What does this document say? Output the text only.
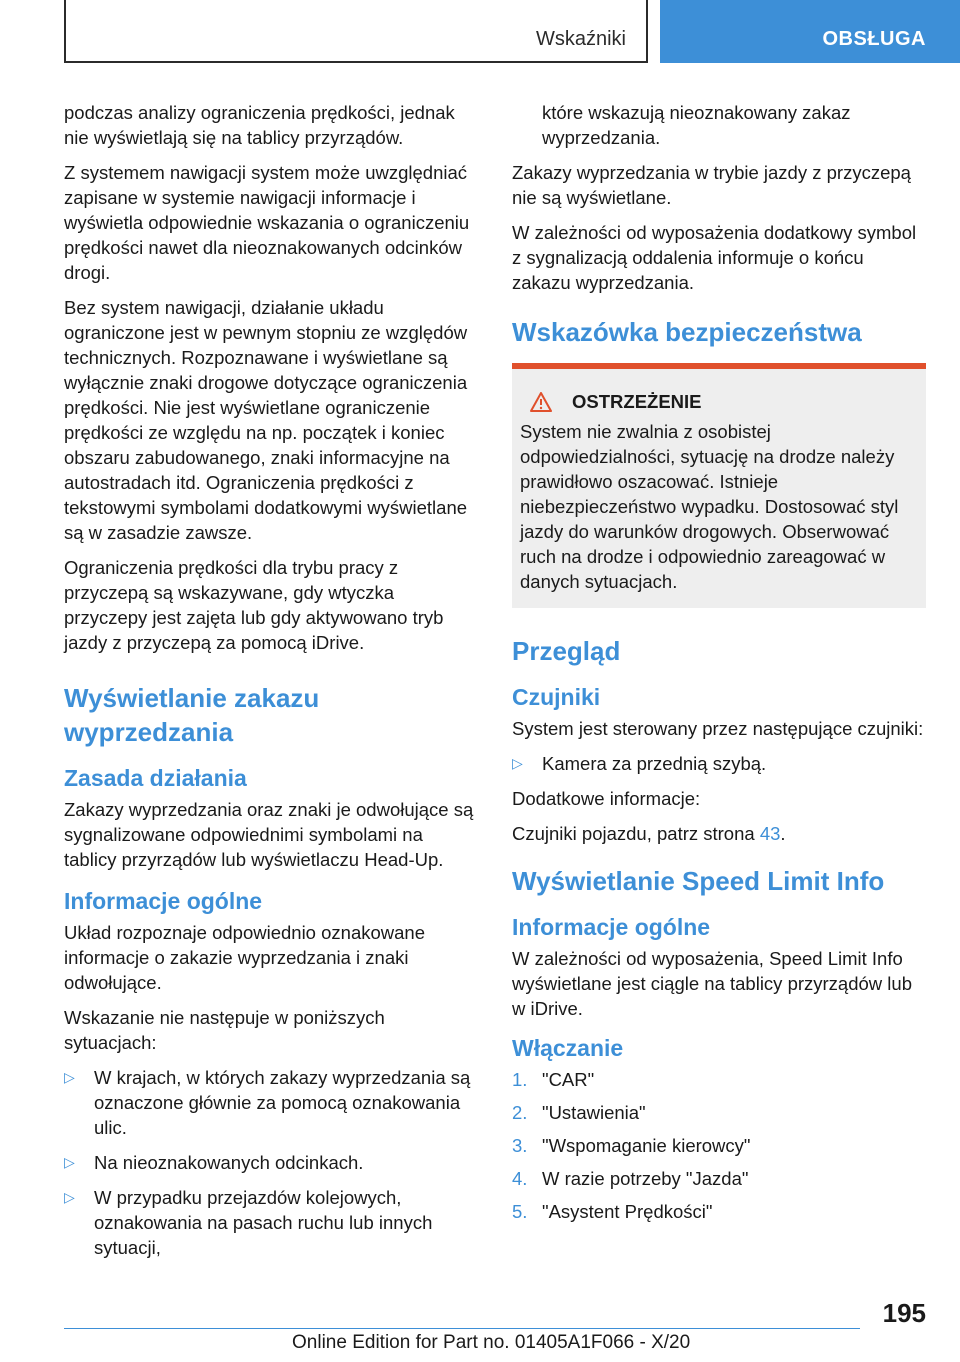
Wskaźniki	OBSŁUGA

podczas analizy ograniczenia prędkości, jednak nie wyświetlają się na tablicy przyrządów.

Z systemem nawigacji system może uwzględniać zapisane w systemie nawigacji informacje i wyświetla odpowiednie wskazania o ograniczeniu prędkości nawet dla nieoznakowanych odcinków drogi.

Bez system nawigacji, działanie układu ograniczone jest w pewnym stopniu ze względów technicznych. Rozpoznawane i wyświetlane są wyłącznie znaki drogowe dotyczące ograniczenia prędkości. Nie jest wyświetlane ograniczenie prędkości ze względu na np. początek i koniec obszaru zabudowanego, znaki informacyjne na autostradach itd. Ograniczenia prędkości z tekstowymi symbolami dodatkowymi wyświetlane są w zasadzie zawsze.

Ograniczenia prędkości dla trybu pracy z przyczepą są wskazywane, gdy wtyczka przyczepy jest zajęta lub gdy aktywowano tryb jazdy z przyczepą za pomocą iDrive.

Wyświetlanie zakazu wyprzedzania
Zasada działania

Zakazy wyprzedzania oraz znaki je odwołujące są sygnalizowane odpowiednimi symbolami na tablicy przyrządów lub wyświetlaczu Head-Up.

Informacje ogólne

Układ rozpoznaje odpowiednio oznakowane informacje o zakazie wyprzedzania i znaki odwołujące.

Wskazanie nie następuje w poniższych sytuacjach:

▷ W krajach, w których zakazy wyprzedzania są oznaczone głównie za pomocą oznakowania ulic.
▷ Na nieoznakowanych odcinkach.
▷ W przypadku przejazdów kolejowych, oznakowania na pasach ruchu lub innych sytuacji,

które wskazują nieoznakowany zakaz wyprzedzania.

Zakazy wyprzedzania w trybie jazdy z przyczepą nie są wyświetlane.

W zależności od wyposażenia dodatkowy symbol z sygnalizacją oddalenia informuje o końcu zakazu wyprzedzania.

Wskazówka bezpieczeństwa
OSTRZEŻENIE

System nie zwalnia z osobistej odpowiedzialności, sytuację na drodze należy prawidłowo oszacować. Istnieje niebezpieczeństwo wypadku. Dostosować styl jazdy do warunków drogowych. Obserwować ruch na drodze i odpowiednio zareagować w danych sytuacjach.

Przegląd
Czujniki

System jest sterowany przez następujące czujniki:

▷ Kamera za przednią szybą.

Dodatkowe informacje:

Czujniki pojazdu, patrz strona 43.

Wyświetlanie Speed Limit Info
Informacje ogólne

W zależności od wyposażenia, Speed Limit Info wyświetlane jest ciągle na tablicy przyrządów lub w iDrive.

Włączanie
1. "CAR"
2. "Ustawienia"
3. "Wspomaganie kierowcy"
4. W razie potrzeby "Jazda"
5. "Asystent Prędkości"
195
Online Edition for Part no. 01405A1F066 - X/20
